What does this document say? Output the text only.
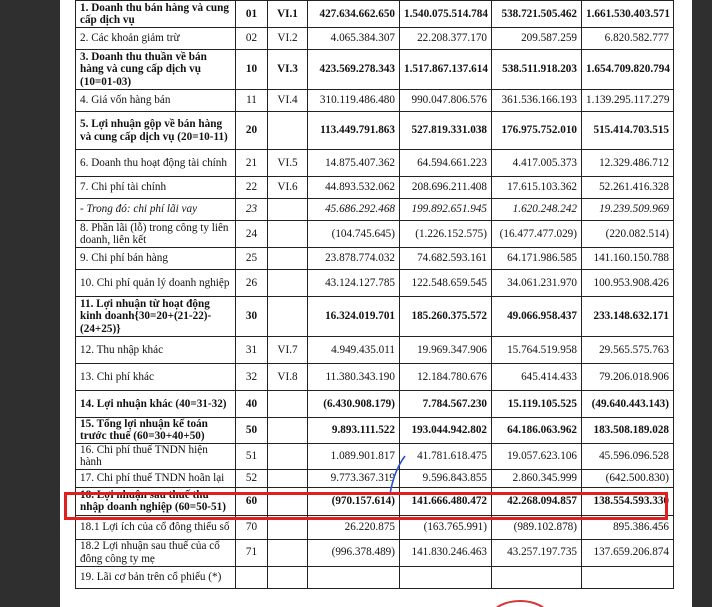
1. Doanh thu bán hàng và cung cấp dịch vụ	01	VI.1	427.634.662.650	1.540.075.514.784	538.721.505.462	1.661.530.403.571
2. Các khoản giảm trừ	02	VI.2	4.065.384.307	22.208.377.170	209.587.259	6.820.582.777
3. Doanh thu thuần về bán hàng và cung cấp dịch vụ (10=01-03)	10	VI.3	423.569.278.343	1.517.867.137.614	538.511.918.203	1.654.709.820.794
4. Giá vốn hàng bán	11	VI.4	310.119.486.480	990.047.806.576	361.536.166.193	1.139.295.117.279
5. Lợi nhuận gộp về bán hàng và cung cấp dịch vụ (20=10-11)	20		113.449.791.863	527.819.331.038	176.975.752.010	515.414.703.515
6. Doanh thu hoạt động tài chính	21	VI.5	14.875.407.362	64.594.661.223	4.417.005.373	12.329.486.712
7. Chi phí tài chính	22	VI.6	44.893.532.062	208.696.211.408	17.615.103.362	52.261.416.328
- Trong đó: chi phí lãi vay	23		45.686.292.468	199.892.651.945	1.620.248.242	19.239.509.969
8. Phần lãi (lỗ) trong công ty liên doanh, liên kết	24		(104.745.645)	(1.226.152.575)	(16.477.477.029)	(220.082.514)
9. Chi phí bán hàng	25		23.878.774.032	74.682.593.161	64.171.986.585	141.160.150.788
10. Chi phí quản lý doanh nghiệp	26		43.124.127.785	122.548.659.545	34.061.231.970	100.953.908.426
11. Lợi nhuận từ hoạt động kinh doanh{30=20+(21-22)-(24+25)}	30		16.324.019.701	185.260.375.572	49.066.958.437	233.148.632.171
12. Thu nhập khác	31	VI.7	4.949.435.011	19.969.347.906	15.764.519.958	29.565.575.763
13. Chi phí khác	32	VI.8	11.380.343.190	12.184.780.676	645.414.433	79.206.018.906
14. Lợi nhuận khác (40=31-32)	40		(6.430.908.179)	7.784.567.230	15.119.105.525	(49.640.443.143)
15. Tổng lợi nhuận kế toán trước thuế (60=30+40+50)	50		9.893.111.522	193.044.942.802	64.186.063.962	183.508.189.028
16. Chi phí thuế TNDN hiện hành	51		1.089.901.817	41.781.618.475	19.057.623.106	45.596.096.528
17. Chi phí thuế TNDN hoãn lại	52		9.773.367.319	9.596.843.855	2.860.345.999	(642.500.830)
18. Lợi nhuận sau thuế thu nhập doanh nghiệp (60=50-51)	60		(970.157.614)	141.666.480.472	42.268.094.857	138.554.593.330
18.1 Lợi ích của cổ đông thiểu số	70		26.220.875	(163.765.991)	(989.102.878)	895.386.456
18.2 Lợi nhuận sau thuế của cổ đông công ty mẹ	71		(996.378.489)	141.830.246.463	43.257.197.735	137.659.206.874
19. Lãi cơ bản trên cổ phiếu (*)						
